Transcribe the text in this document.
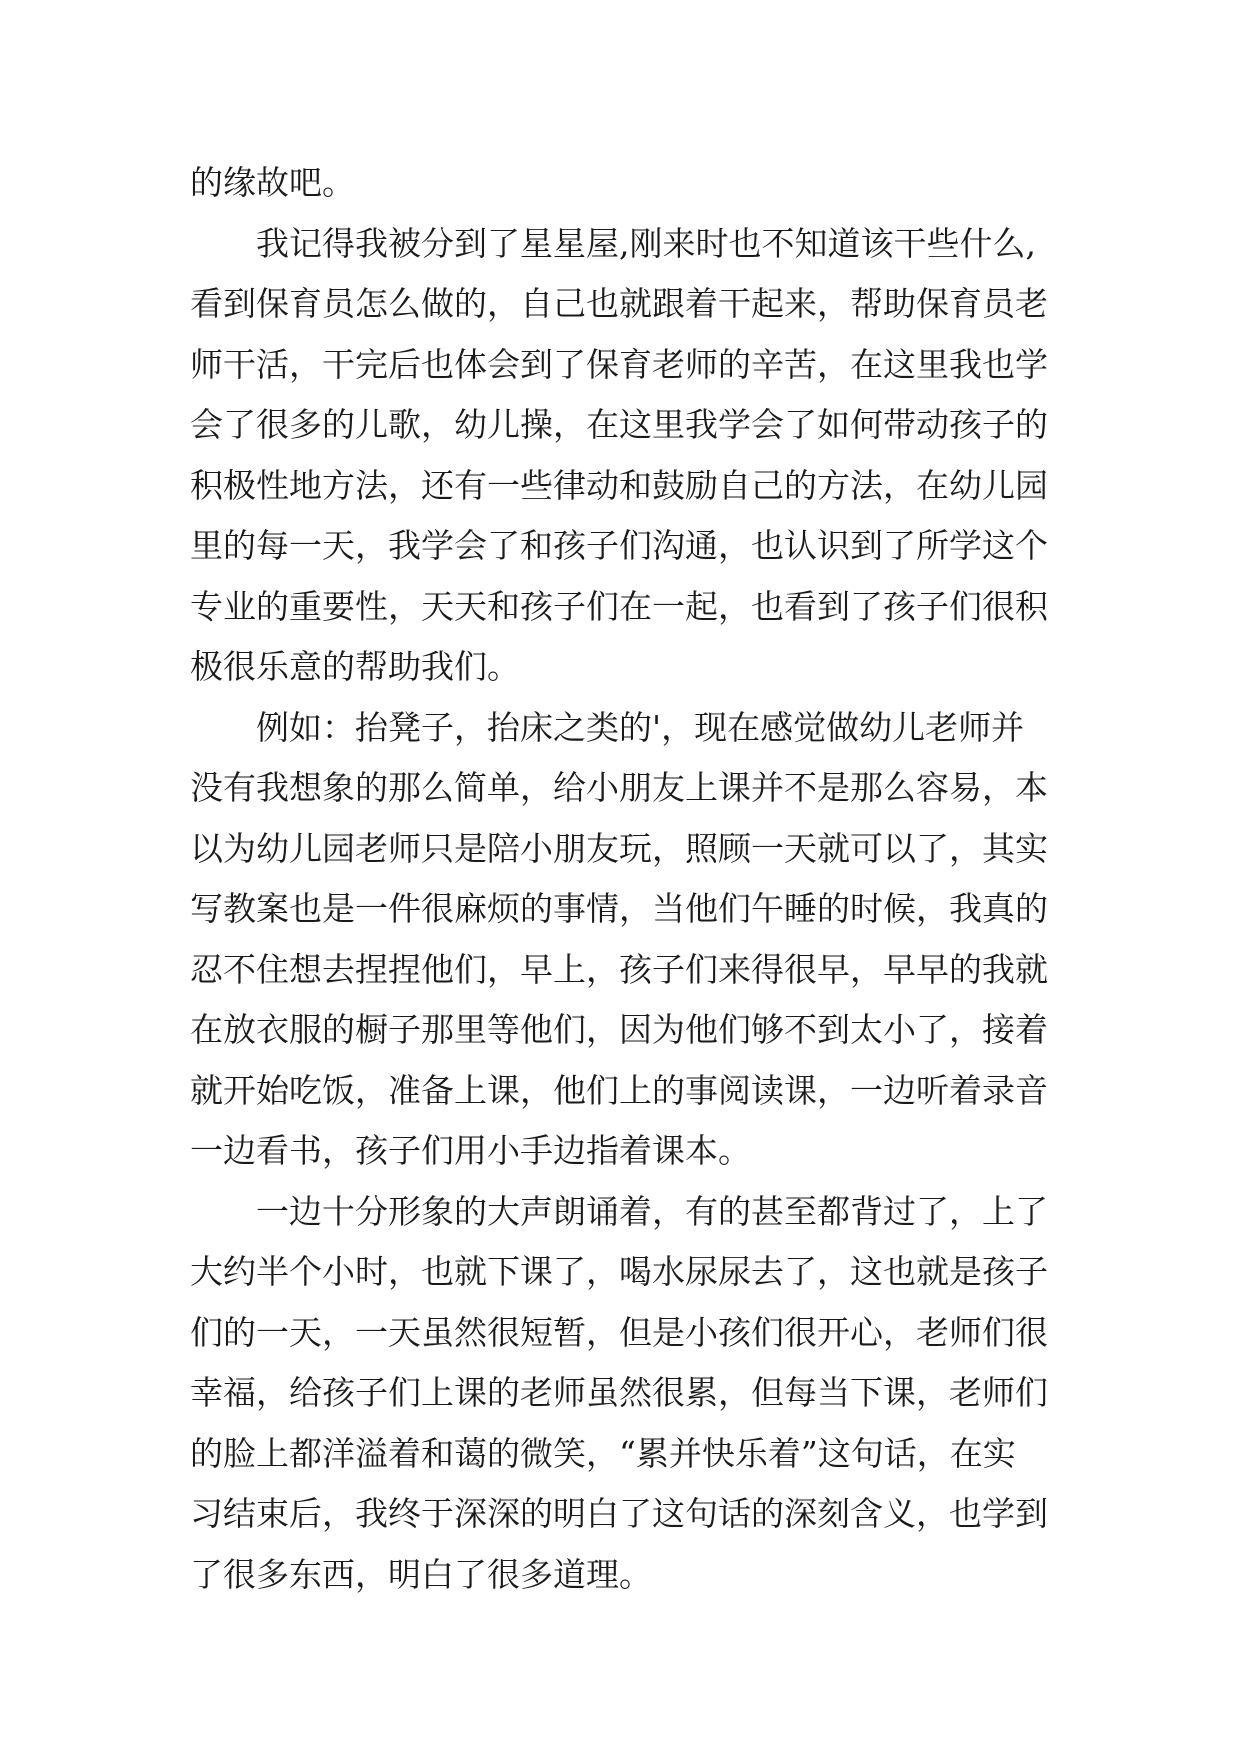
的缘故吧。
　　我记得我被分到了星星屋,刚来时也不知道该干些什么,
看到保育员怎么做的，自己也就跟着干起来，帮助保育员老
师干活，干完后也体会到了保育老师的辛苦，在这里我也学
会了很多的儿歌，幼儿操，在这里我学会了如何带动孩子的
积极性地方法，还有一些律动和鼓励自己的方法，在幼儿园
里的每一天，我学会了和孩子们沟通，也认识到了所学这个
专业的重要性，天天和孩子们在一起，也看到了孩子们很积
极很乐意的帮助我们。
　　例如：抬凳子，抬床之类的'，现在感觉做幼儿老师并
没有我想象的那么简单，给小朋友上课并不是那么容易，本
以为幼儿园老师只是陪小朋友玩，照顾一天就可以了，其实
写教案也是一件很麻烦的事情，当他们午睡的时候，我真的
忍不住想去捏捏他们，早上，孩子们来得很早，早早的我就
在放衣服的橱子那里等他们，因为他们够不到太小了，接着
就开始吃饭，准备上课，他们上的事阅读课，一边听着录音
一边看书，孩子们用小手边指着课本。
　　一边十分形象的大声朗诵着，有的甚至都背过了，上了
大约半个小时，也就下课了，喝水尿尿去了，这也就是孩子
们的一天，一天虽然很短暂，但是小孩们很开心，老师们很
幸福，给孩子们上课的老师虽然很累，但每当下课，老师们
的脸上都洋溢着和蔼的微笑，“累并快乐着”这句话，在实
习结束后，我终于深深的明白了这句话的深刻含义，也学到
了很多东西，明白了很多道理。
